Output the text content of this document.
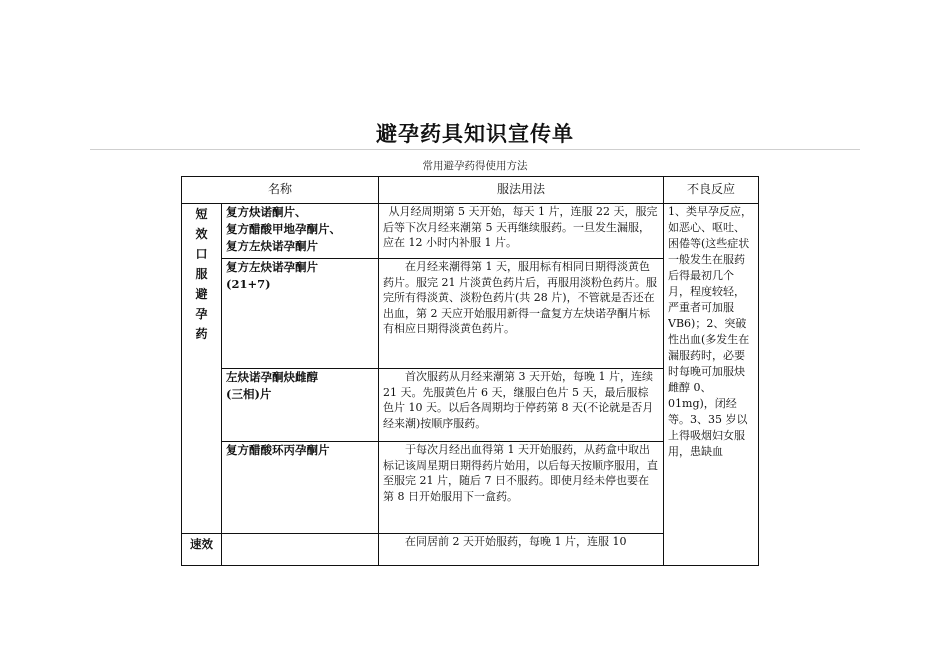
避孕药具知识宣传单
常用避孕药得使用方法
名称		服法用法	不良反应

短效口服避孕药	复方炔诺酮片、
复方醋酸甲地孕酮片、
复方左炔诺孕酮片	从月经周期第 5 天开始，每天 1 片，连服 22 天，服完后等下次月经来潮第 5 天再继续服药。一旦发生漏服，应在 12 小时内补服 1 片。	1、类早孕反应，如恶心、呕吐、困倦等(这些症状一般发生在服药后得最初几个月，程度较轻，严重者可加服 VB6)；2、突破性出血(多发生在漏服药时，必要时每晚可加服炔雌醇 0、01mg)，闭经等。3、35 岁以上得吸烟妇女服用，患缺血

	复方左炔诺孕酮片
(21+7)	在月经来潮得第 1 天，服用标有相同日期得淡黄色药片。服完 21 片淡黄色药片后，再服用淡粉色药片。服完所有得淡黄、淡粉色药片(共 28 片)，不管就是否还在出血，第 2 天应开始服用新得一盒复方左炔诺孕酮片标有相应日期得淡黄色药片。	

	左炔诺孕酮炔雌醇
(三相)片	首次服药从月经来潮第 3 天开始，每晚 1 片，连续 21 天。先服黄色片 6 天，继服白色片 5 天，最后服棕色片 10 天。以后各周期均于停药第 8 天(不论就是否月经来潮)按顺序服药。	

	复方醋酸环丙孕酮片	于每次月经出血得第 1 天开始服药，从药盒中取出标记该周星期日期得药片始用，以后每天按顺序服用，直至服完 21 片，随后 7 日不服药。即使月经未停也要在第 8 日开始服用下一盒药。	
速效		在同居前 2 天开始服药，每晚 1 片，连服 10	
